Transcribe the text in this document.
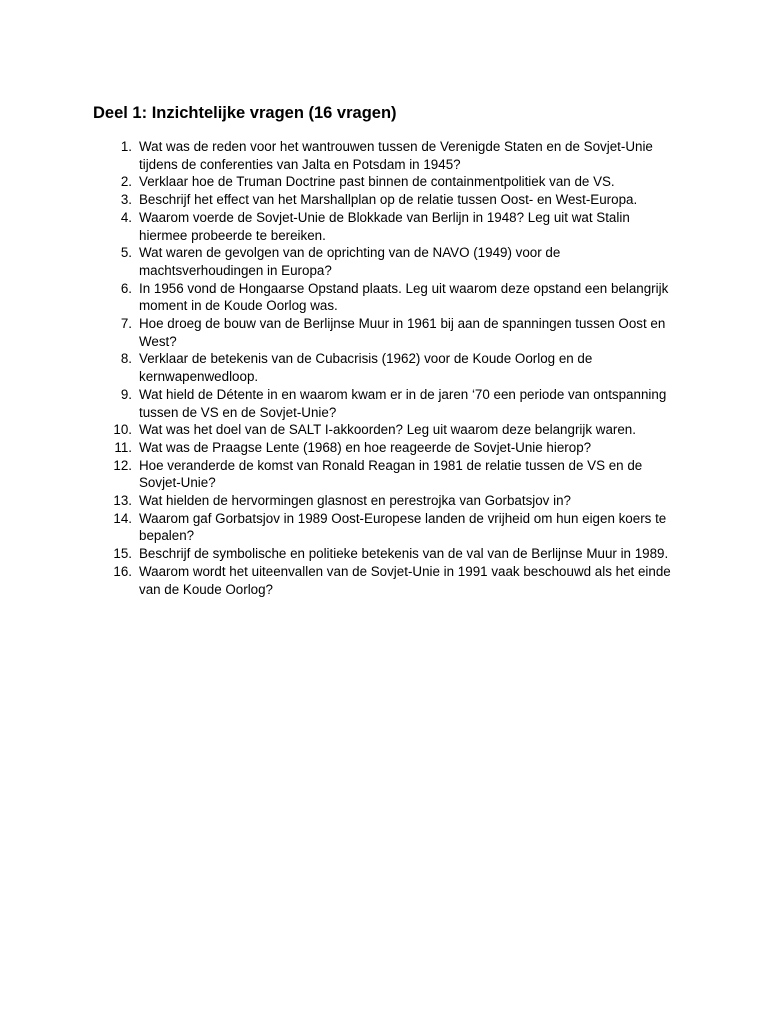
Deel 1: Inzichtelijke vragen (16 vragen)
1. Wat was de reden voor het wantrouwen tussen de Verenigde Staten en de Sovjet-Unie tijdens de conferenties van Jalta en Potsdam in 1945?
2. Verklaar hoe de Truman Doctrine past binnen de containmentpolitiek van de VS.
3. Beschrijf het effect van het Marshallplan op de relatie tussen Oost- en West-Europa.
4. Waarom voerde de Sovjet-Unie de Blokkade van Berlijn in 1948? Leg uit wat Stalin hiermee probeerde te bereiken.
5. Wat waren de gevolgen van de oprichting van de NAVO (1949) voor de machtsverhoudingen in Europa?
6. In 1956 vond de Hongaarse Opstand plaats. Leg uit waarom deze opstand een belangrijk moment in de Koude Oorlog was.
7. Hoe droeg de bouw van de Berlijnse Muur in 1961 bij aan de spanningen tussen Oost en West?
8. Verklaar de betekenis van de Cubacrisis (1962) voor de Koude Oorlog en de kernwapenwedloop.
9. Wat hield de Détente in en waarom kwam er in de jaren ‘70 een periode van ontspanning tussen de VS en de Sovjet-Unie?
10. Wat was het doel van de SALT I-akkoorden? Leg uit waarom deze belangrijk waren.
11. Wat was de Praagse Lente (1968) en hoe reageerde de Sovjet-Unie hierop?
12. Hoe veranderde de komst van Ronald Reagan in 1981 de relatie tussen de VS en de Sovjet-Unie?
13. Wat hielden de hervormingen glasnost en perestrojka van Gorbatsjov in?
14. Waarom gaf Gorbatsjov in 1989 Oost-Europese landen de vrijheid om hun eigen koers te bepalen?
15. Beschrijf de symbolische en politieke betekenis van de val van de Berlijnse Muur in 1989.
16. Waarom wordt het uiteenvallen van de Sovjet-Unie in 1991 vaak beschouwd als het einde van de Koude Oorlog?
